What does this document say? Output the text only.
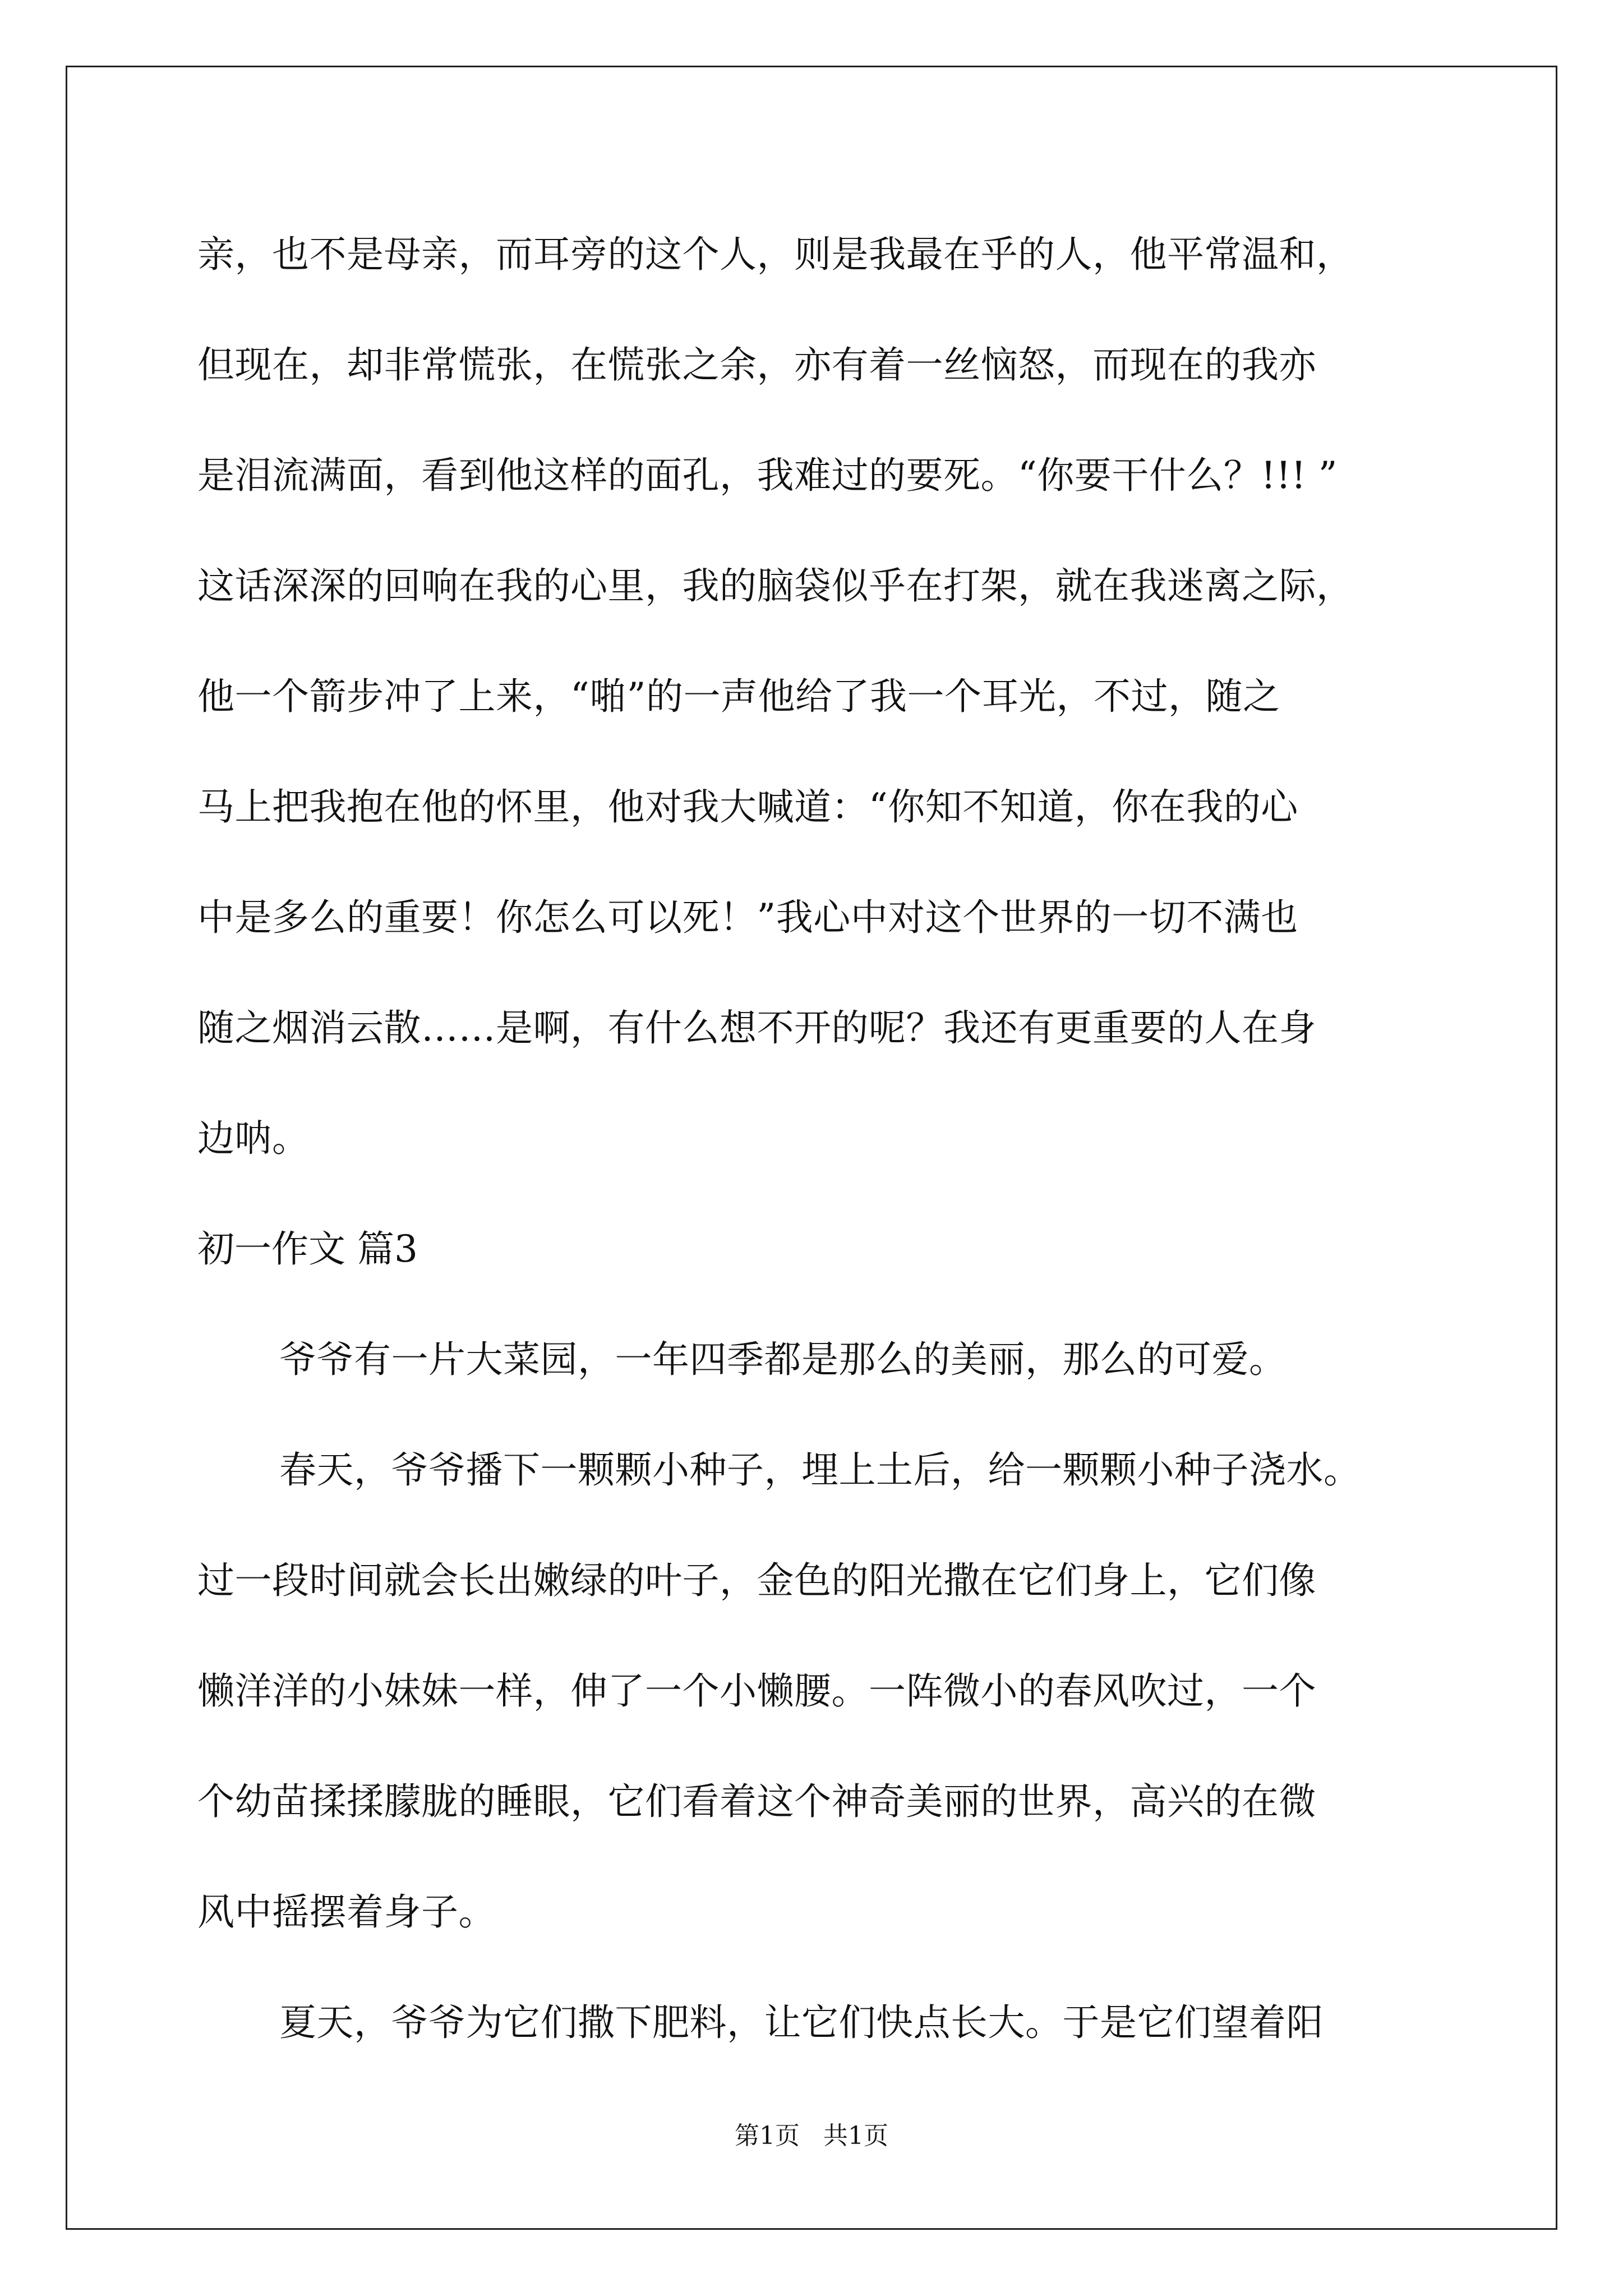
亲，也不是母亲，而耳旁的这个人，则是我最在乎的人，他平常温和，
但现在，却非常慌张，在慌张之余，亦有着一丝恼怒，而现在的我亦
是泪流满面，看到他这样的面孔，我难过的要死。“你要干什么？!!! ”
这话深深的回响在我的心里，我的脑袋似乎在打架，就在我迷离之际，
他一个箭步冲了上来，“啪”的一声他给了我一个耳光，不过，随之
马上把我抱在他的怀里，他对我大喊道：“你知不知道，你在我的心
中是多么的重要！你怎么可以死！”我心中对这个世界的一切不满也
随之烟消云散……是啊，有什么想不开的呢？我还有更重要的人在身
边呐。
初一作文 篇3
爷爷有一片大菜园，一年四季都是那么的美丽，那么的可爱。
春天，爷爷播下一颗颗小种子，埋上土后，给一颗颗小种子浇水。
过一段时间就会长出嫩绿的叶子，金色的阳光撒在它们身上，它们像
懒洋洋的小妹妹一样，伸了一个小懒腰。一阵微小的春风吹过，一个
个幼苗揉揉朦胧的睡眼，它们看着这个神奇美丽的世界，高兴的在微
风中摇摆着身子。
夏天，爷爷为它们撒下肥料，让它们快点长大。于是它们望着阳
第1页   共1页
